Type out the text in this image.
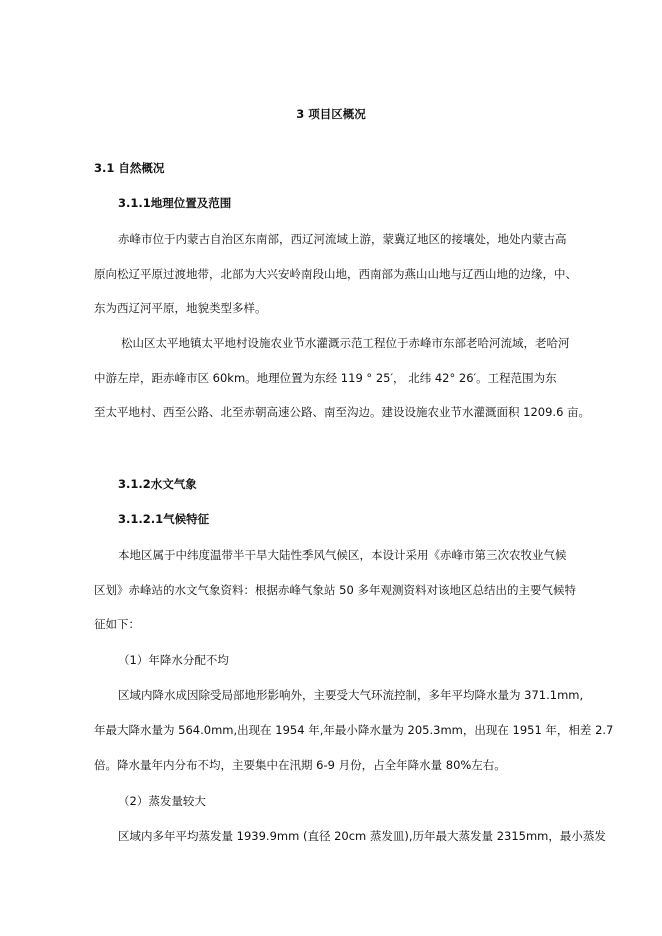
3 项目区概况

3.1 自然概况

3.1.1地理位置及范围

赤峰市位于内蒙古自治区东南部，西辽河流域上游，蒙冀辽地区的接壤处，地处内蒙古高

原向松辽平原过渡地带，北部为大兴安岭南段山地，西南部为燕山山地与辽西山地的边缘，中、

东为西辽河平原，地貌类型多样。

松山区太平地镇太平地村设施农业节水灌溉示范工程位于赤峰市东部老哈河流域，老哈河

中游左岸，距赤峰市区 60km。地理位置为东经 119 ° 25′， 北纬 42° 26′。工程范围为东

至太平地村、西至公路、北至赤朝高速公路、南至沟边。建设设施农业节水灌溉面积 1209.6 亩。

3.1.2水文气象

3.1.2.1气候特征

本地区属于中纬度温带半干旱大陆性季风气候区，本设计采用《赤峰市第三次农牧业气候

区划》赤峰站的水文气象资料：根据赤峰气象站 50 多年观测资料对该地区总结出的主要气候特

征如下：

（1）年降水分配不均

区域内降水成因除受局部地形影响外，主要受大气环流控制，多年平均降水量为 371.1mm,

年最大降水量为 564.0mm,出现在 1954 年,年最小降水量为 205.3mm，出现在 1951 年，相差 2.7

倍。降水量年内分布不均，主要集中在汛期 6-9 月份，占全年降水量 80%左右。

（2）蒸发量较大

区域内多年平均蒸发量 1939.9mm (直径 20cm 蒸发皿),历年最大蒸发量 2315mm，最小蒸发
